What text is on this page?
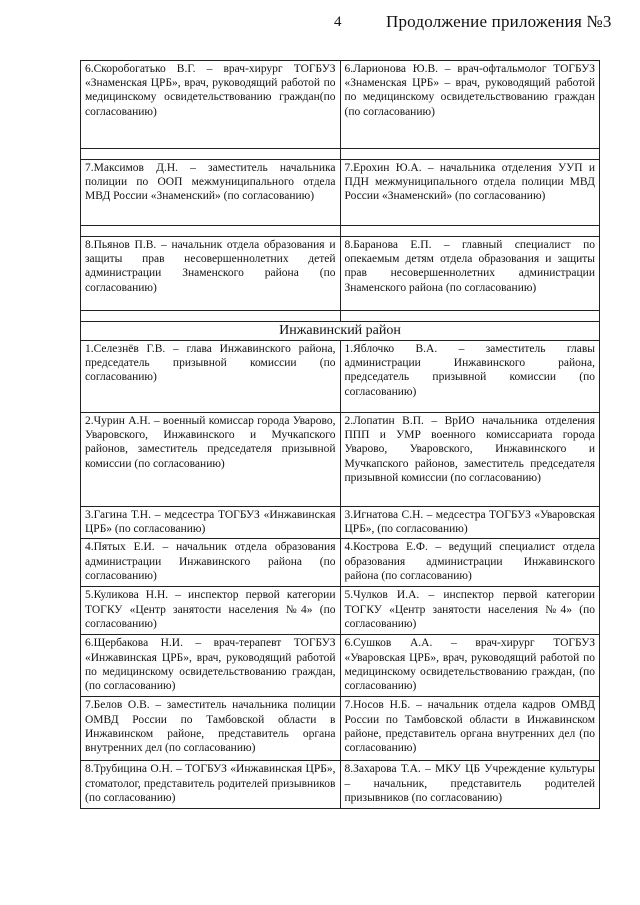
4	Продолжение приложения №3
6.Скоробогатько В.Г. – врач-хирург ТОГБУЗ «Знаменская ЦРБ», врач, руководящий работой по медицинскому освидетельствованию граждан(по согласованию)	6.Ларионова Ю.В. – врач-офтальмолог ТОГБУЗ «Знаменская ЦРБ» – врач, руководящий работой по медицинскому освидетельствованию граждан (по согласованию)

7.Максимов Д.Н. – заместитель начальника полиции по ООП межмуниципального отдела МВД России «Знаменский» (по согласованию)	7.Ерохин Ю.А. – начальника отделения УУП и ПДН межмуниципального отдела полиции МВД России «Знаменский» (по согласованию)

8.Пьянов П.В. – начальник отдела образования и защиты прав несовершеннолетних детей администрации Знаменского района (по согласованию)	8.Баранова Е.П. – главный специалист по опекаемым детям отдела образования и защиты прав несовершеннолетних администрации Знаменского района (по согласованию)

Инжавинский район	
1.Селезнёв Г.В. – глава Инжавинского района, председатель призывной комиссии (по согласованию)	1.Яблочко В.А. – заместитель главы администрации Инжавинского района, председатель призывной комиссии (по согласованию)
2.Чурин А.Н. – военный комиссар города Уварово, Уваровского, Инжавинского и Мучкапского районов, заместитель председателя призывной комиссии (по согласованию)	2.Лопатин В.П. – ВрИО начальника отделения ППП и УМР военного комиссариата города Уварово, Уваровского, Инжавинского и Мучкапского районов, заместитель председателя призывной комиссии (по согласованию)
3.Гагина Т.Н. – медсестра ТОГБУЗ «Инжавинская ЦРБ» (по согласованию)	3.Игнатова С.Н. – медсестра ТОГБУЗ «Уваровская ЦРБ», (по согласованию)
4.Пятых Е.И. – начальник отдела образования администрации Инжавинского района (по согласованию)	4.Кострова Е.Ф. – ведущий специалист отдела образования администрации Инжавинского района (по согласованию)
5.Куликова Н.Н. – инспектор первой категории ТОГКУ «Центр занятости населения №4» (по согласованию)	5.Чулков И.А. – инспектор первой категории ТОГКУ «Центр занятости населения №4» (по согласованию)
6.Щербакова Н.И. – врач-терапевт ТОГБУЗ «Инжавинская ЦРБ», врач, руководящий работой по медицинскому освидетельствованию граждан, (по согласованию)	6.Сушков А.А. – врач-хирург ТОГБУЗ «Уваровская ЦРБ», врач, руководящий работой по медицинскому освидетельствованию граждан, (по согласованию)
7.Белов О.В. – заместитель начальника полиции ОМВД России по Тамбовской области в Инжавинском районе, представитель органа внутренних дел (по согласованию)	7.Носов Н.Б. – начальник отдела кадров ОМВД России по Тамбовской области в Инжавинском районе, представитель органа внутренних дел (по согласованию)
8.Трубицина О.Н. – ТОГБУЗ «Инжавинская ЦРБ», стоматолог, представитель родителей призывников (по согласованию)	8.Захарова Т.А. – МКУ ЦБ Учреждение культуры – начальник, представитель родителей призывников (по согласованию)
